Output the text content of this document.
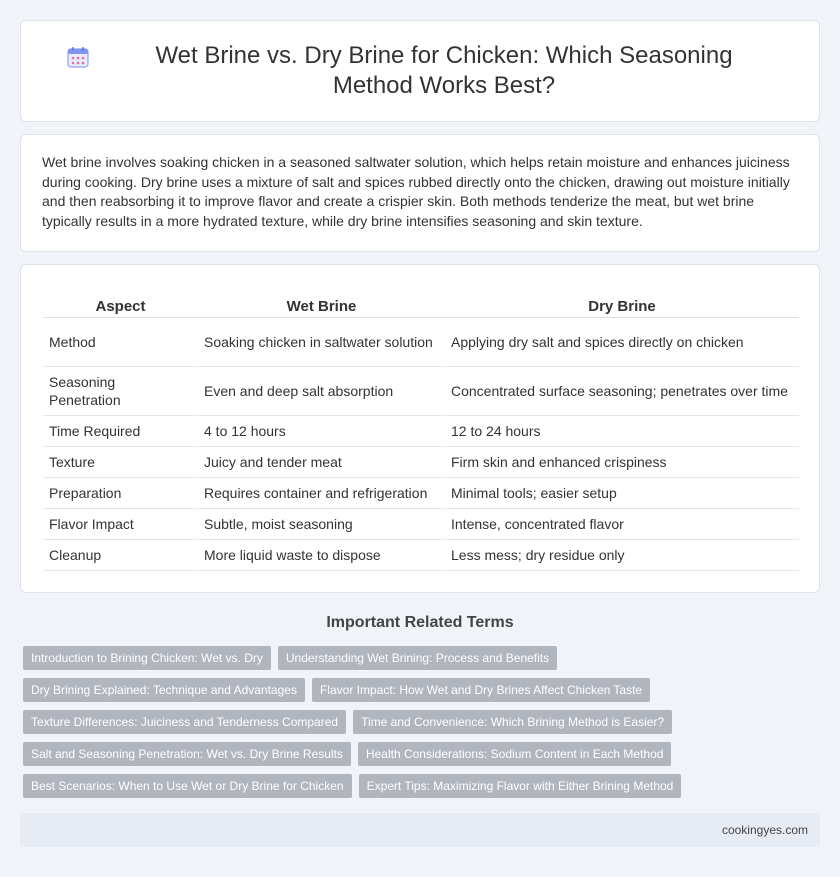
Wet Brine vs. Dry Brine for Chicken: Which Seasoning Method Works Best?

Wet brine involves soaking chicken in a seasoned saltwater solution, which helps retain moisture and enhances juiciness during cooking. Dry brine uses a mixture of salt and spices rubbed directly onto the chicken, drawing out moisture initially and then reabsorbing it to improve flavor and create a crispier skin. Both methods tenderize the meat, but wet brine typically results in a more hydrated texture, while dry brine intensifies seasoning and skin texture.

Aspect	Wet Brine	Dry Brine
Method	Soaking chicken in saltwater solution	Applying dry salt and spices directly on chicken
Seasoning Penetration	Even and deep salt absorption	Concentrated surface seasoning; penetrates over time
Time Required	4 to 12 hours	12 to 24 hours
Texture	Juicy and tender meat	Firm skin and enhanced crispiness
Preparation	Requires container and refrigeration	Minimal tools; easier setup
Flavor Impact	Subtle, moist seasoning	Intense, concentrated flavor
Cleanup	More liquid waste to dispose	Less mess; dry residue only
Important Related Terms
Introduction to Brining Chicken: Wet vs. Dry	Understanding Wet Brining: Process and Benefits
Dry Brining Explained: Technique and Advantages	Flavor Impact: How Wet and Dry Brines Affect Chicken Taste
Texture Differences: Juiciness and Tenderness Compared	Time and Convenience: Which Brining Method is Easier?
Salt and Seasoning Penetration: Wet vs. Dry Brine Results	Health Considerations: Sodium Content in Each Method
Best Scenarios: When to Use Wet or Dry Brine for Chicken	Expert Tips: Maximizing Flavor with Either Brining Method
cookingyes.com
